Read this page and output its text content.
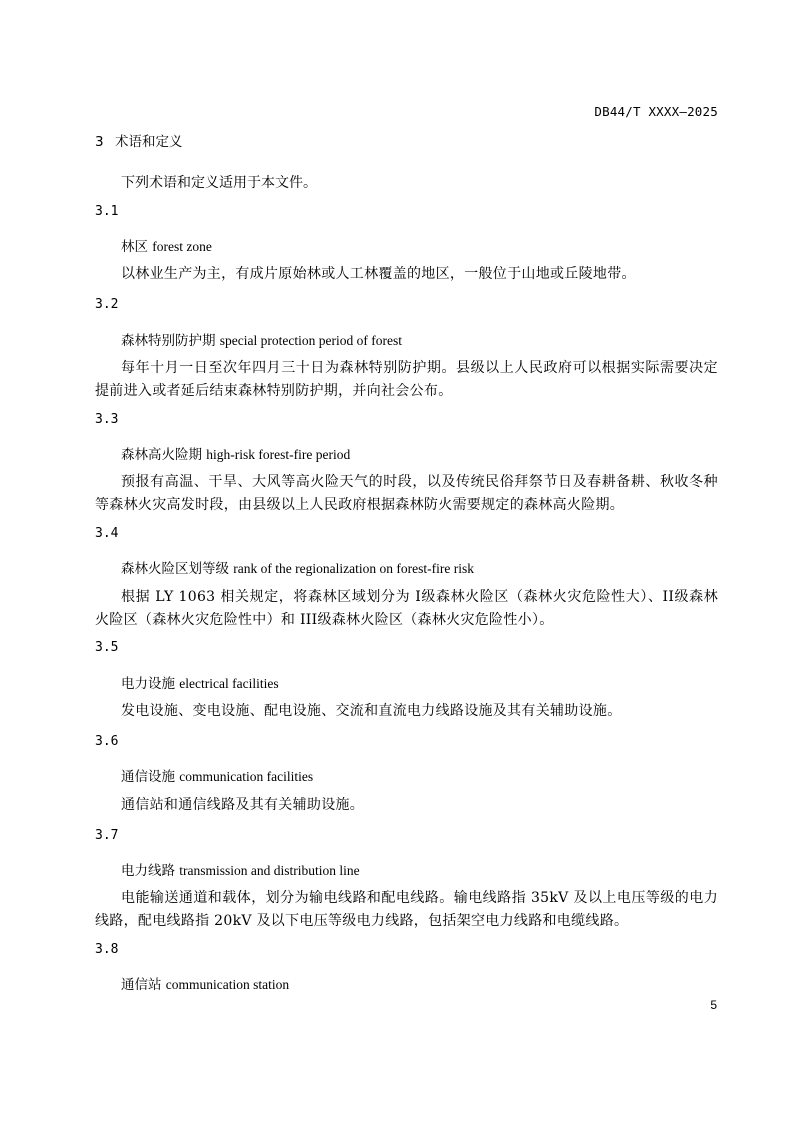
DB44/T XXXX—2025
3 术语和定义
下列术语和定义适用于本文件。
3.1
林区 forest zone
以林业生产为主，有成片原始林或人工林覆盖的地区，一般位于山地或丘陵地带。
3.2
森林特别防护期 special protection period of forest
每年十月一日至次年四月三十日为森林特别防护期。县级以上人民政府可以根据实际需要决定提前进入或者延后结束森林特别防护期，并向社会公布。
3.3
森林高火险期 high-risk forest-fire period
预报有高温、干旱、大风等高火险天气的时段，以及传统民俗拜祭节日及春耕备耕、秋收冬种等森林火灾高发时段，由县级以上人民政府根据森林防火需要规定的森林高火险期。
3.4
森林火险区划等级 rank of the regionalization on forest-fire risk
根据 LY 1063 相关规定，将森林区域划分为 I级森林火险区（森林火灾危险性大）、II级森林火险区（森林火灾危险性中）和 III级森林火险区（森林火灾危险性小）。
3.5
电力设施 electrical facilities
发电设施、变电设施、配电设施、交流和直流电力线路设施及其有关辅助设施。
3.6
通信设施 communication facilities
通信站和通信线路及其有关辅助设施。
3.7
电力线路 transmission and distribution line
电能输送通道和载体，划分为输电线路和配电线路。输电线路指 35kV 及以上电压等级的电力线路，配电线路指 20kV 及以下电压等级电力线路，包括架空电力线路和电缆线路。
3.8
通信站 communication station
5
